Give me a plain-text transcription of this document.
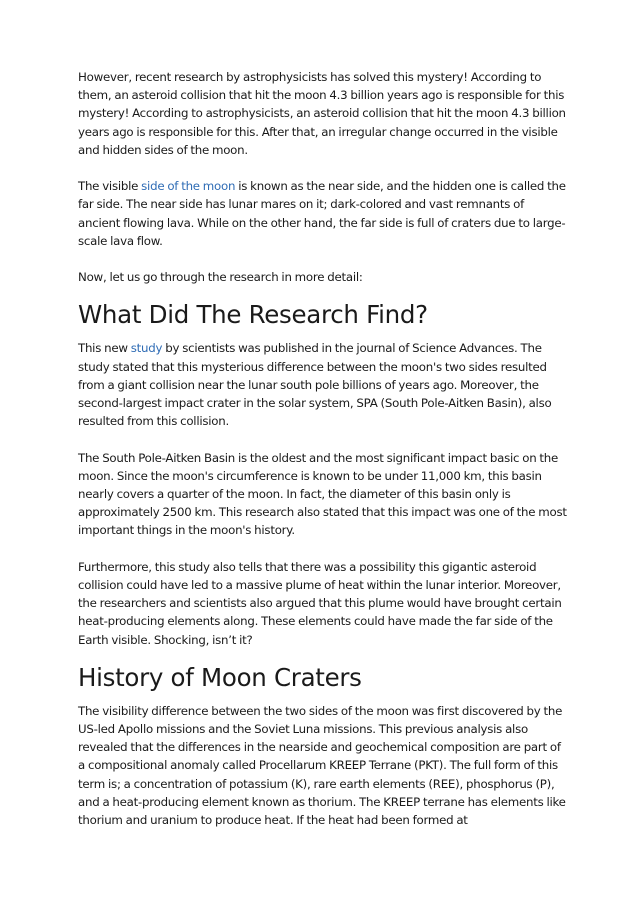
However, recent research by astrophysicists has solved this mystery! According to them, an asteroid collision that hit the moon 4.3 billion years ago is responsible for this mystery! According to astrophysicists, an asteroid collision that hit the moon 4.3 billion years ago is responsible for this. After that, an irregular change occurred in the visible and hidden sides of the moon.

The visible side of the moon is known as the near side, and the hidden one is called the far side. The near side has lunar mares on it; dark-colored and vast remnants of ancient flowing lava. While on the other hand, the far side is full of craters due to large-scale lava flow.

Now, let us go through the research in more detail:

What Did The Research Find?

This new study by scientists was published in the journal of Science Advances. The study stated that this mysterious difference between the moon's two sides resulted from a giant collision near the lunar south pole billions of years ago. Moreover, the second-largest impact crater in the solar system, SPA (South Pole-Aitken Basin), also resulted from this collision.

The South Pole-Aitken Basin is the oldest and the most significant impact basic on the moon. Since the moon's circumference is known to be under 11,000 km, this basin nearly covers a quarter of the moon. In fact, the diameter of this basin only is approximately 2500 km. This research also stated that this impact was one of the most important things in the moon's history.

Furthermore, this study also tells that there was a possibility this gigantic asteroid collision could have led to a massive plume of heat within the lunar interior. Moreover, the researchers and scientists also argued that this plume would have brought certain heat-producing elements along. These elements could have made the far side of the Earth visible. Shocking, isn’t it?

History of Moon Craters

The visibility difference between the two sides of the moon was first discovered by the US-led Apollo missions and the Soviet Luna missions. This previous analysis also revealed that the differences in the nearside and geochemical composition are part of a compositional anomaly called Procellarum KREEP Terrane (PKT). The full form of this term is; a concentration of potassium (K), rare earth elements (REE), phosphorus (P), and a heat-producing element known as thorium. The KREEP terrane has elements like thorium and uranium to produce heat. If the heat had been formed at
